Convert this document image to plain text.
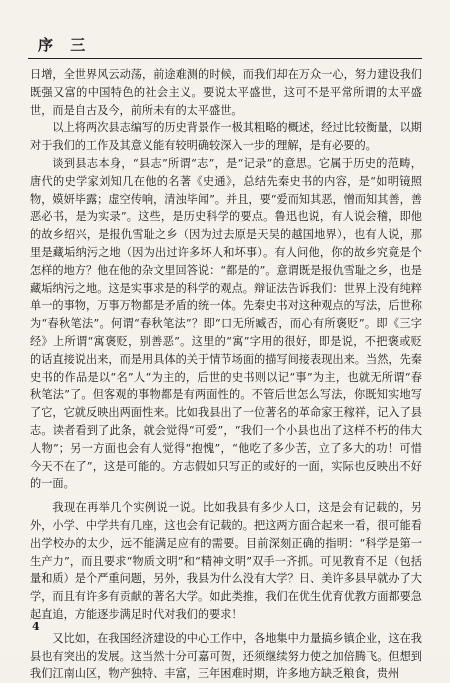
序 三

日增，全世界风云动荡，前途难测的时候，而我们却在万众一心，努力建设我们既强又富的中国特色的社会主义。要说太平盛世，这可不是平常所谓的太平盛世，而是自古及今，前所未有的太平盛世。

以上将两次县志编写的历史背景作一极其粗略的概述，经过比较衡量，以期对于我们的工作及其意义能有较明确较深入一步的理解，是有必要的。

谈到县志本身，“县志”所谓“志”，是“记录”的意思。它属于历史的范畴，唐代的史学家刘知几在他的名著《史通》，总结先秦史书的内容，是“如明镜照物，嫫妍毕露；虚空传响，清浊毕闻”。并且，要“爱而知其恶，憎而知其善，善恶必书，是为实录”。这些，是历史科学的要点。鲁迅也说，有人说会稽，即他的故乡绍兴，是报仇雪耻之乡（因为过去原是天吴的越国地界），也有人说，那里是藏垢纳污之地（因为出过许多坏人和坏事）。有人问他，你的故乡究竟是个怎样的地方？他在他的杂文里回答说：“都是的”。意谓既是报仇雪耻之乡，也是藏垢纳污之地。这是实事求是的科学的观点。辩证法告诉我们：世界上没有纯粹单一的事物，万事万物都是矛盾的统一体。先秦史书对这种观点的写法，后世称为“春秋笔法”。何谓“春秋笔法”？即“口无所臧否，而心有所褒贬”。即《三字经》上所谓“寓褒贬，别善恶”。这里的“寓”字用的很好，即是说，不把褒或贬的话直接说出来，而是用具体的关于情节场面的描写间接表现出来。当然，先秦史书的作品是以“名”人“为主的，后世的史书则以记“事”为主，也就无所谓“春秋笔法”了。但客观的事物都是有两面性的。不管后世怎么写法，你既知实地写了它，它就反映出两面性来。比如我县出了一位著名的革命家王稼祥，记入了县志。读者看到了此条，就会觉得“可爱”，“我们一个小县也出了这样不朽的伟大人物”；另一方面也会有人觉得“抱愧”，“他吃了多少苦，立了多大的功！可惜今天不在了”，这是可能的。方志假如只写正的或好的一面，实际也反映出不好的一面。

我现在再举几个实例说一说。比如我县有多少人口，这是会有记载的，另外，小学、中学共有几座，这也会有记载的。把这两方面合起来一看，很可能看出学校办的太少，远不能满足应有的需要。目前深刻正确的指明：“科学是第一生产力”，而且要求“物质文明”和“精神文明”双手一齐抓。可见教育不足（包括量和质）是个严重问题，另外，我县为什么没有大学？日、美许多县早就办了大学，而且有许多有贡献的著名大学。如此类推，我们在优生优育优教方面都要急起直追，方能逐步满足时代对我们的要求！

又比如，在我国经济建设的中心工作中，各地集中力量搞乡镇企业，这在我县也有突出的发展。这当然十分可嘉可贺，还须继续努力使之加倍腾飞。但想到我们江南山区，物产独特、丰富，三年困难时期，许多地方缺乏粮食，贵州

4
